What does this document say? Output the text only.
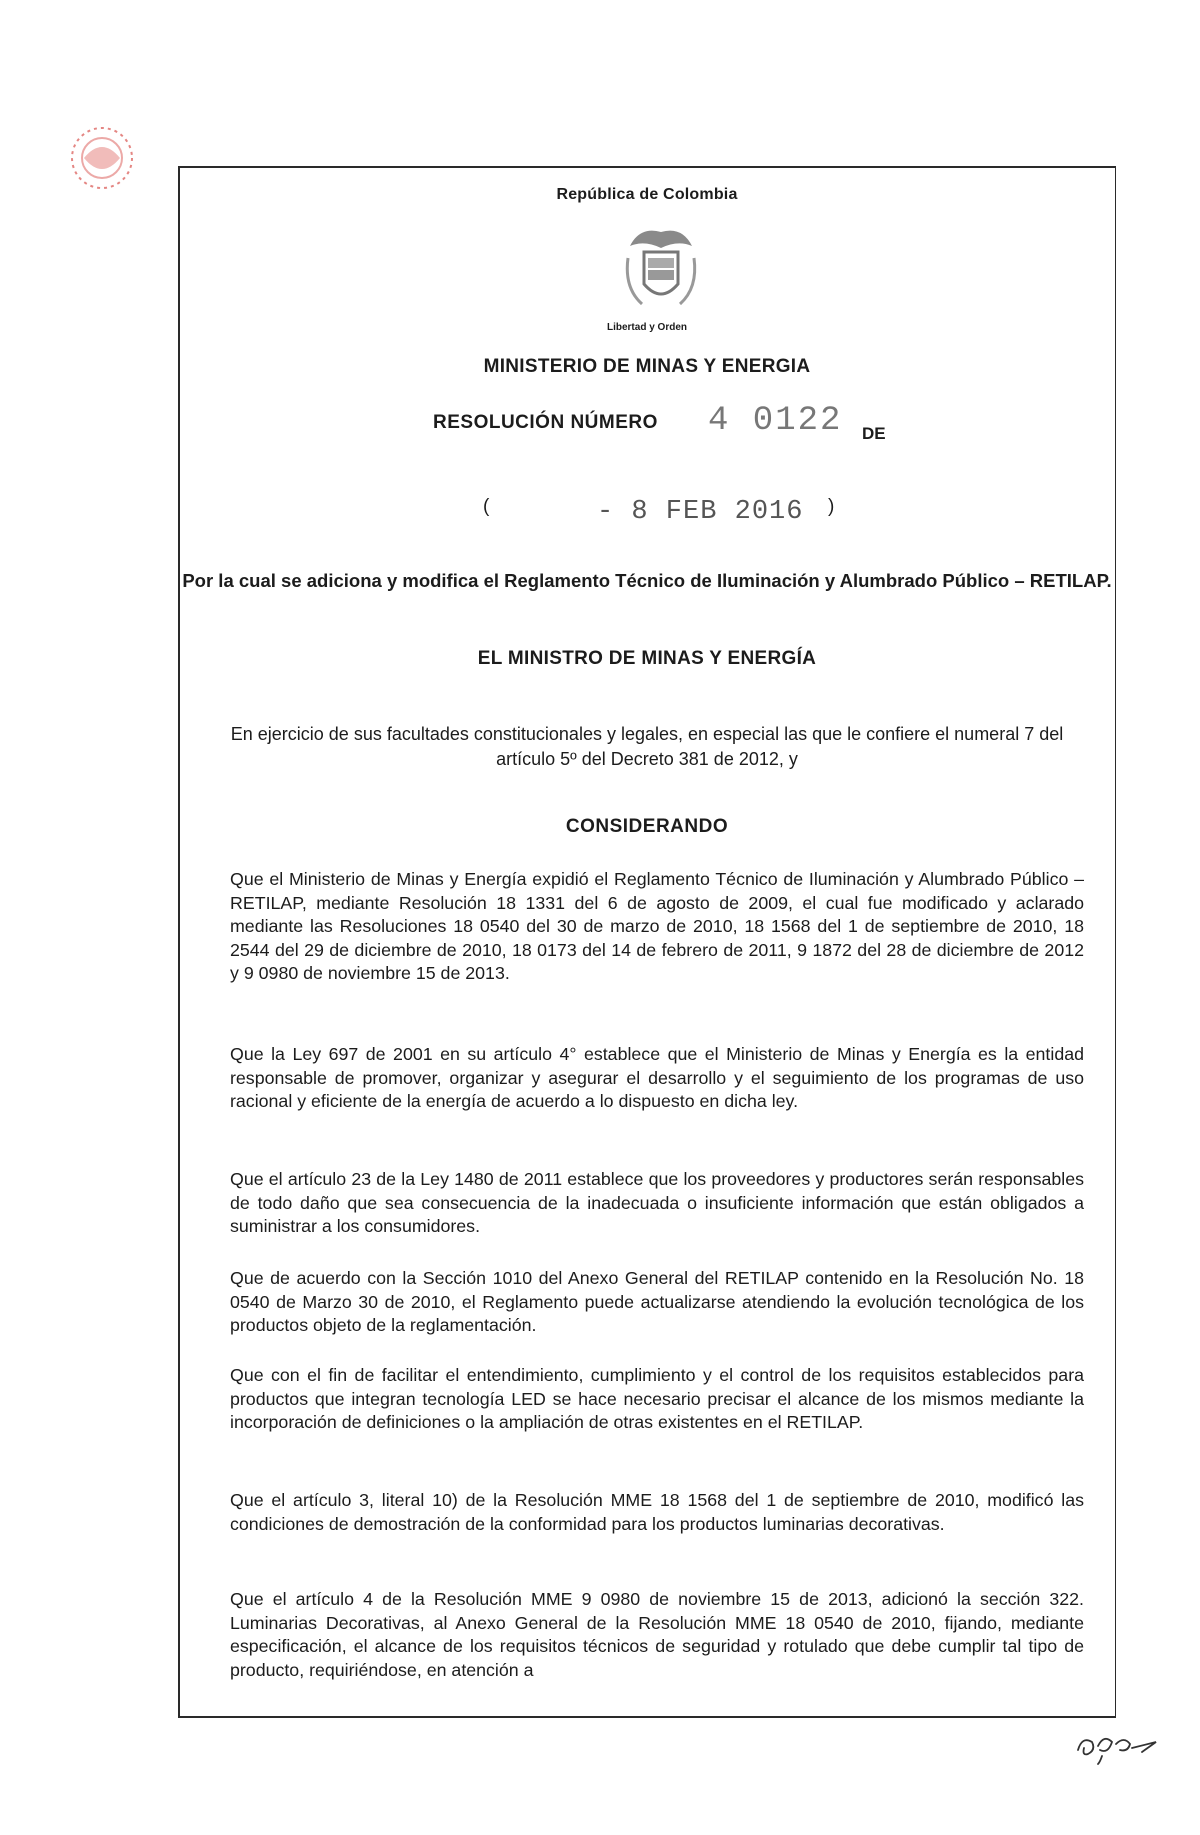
República de Colombia
Libertad y Orden
MINISTERIO DE MINAS Y ENERGIA
RESOLUCIÓN NÚMERO 4 0122 DE
(	- 8 FEB 2016 )
Por la cual se adiciona y modifica el Reglamento Técnico de Iluminación y Alumbrado Público – RETILAP.
EL MINISTRO DE MINAS Y ENERGÍA
En ejercicio de sus facultades constitucionales y legales, en especial las que le confiere el numeral 7 del artículo 5º del Decreto 381 de 2012, y
CONSIDERANDO
Que el Ministerio de Minas y Energía expidió el Reglamento Técnico de Iluminación y Alumbrado Público – RETILAP, mediante Resolución 18 1331 del 6 de agosto de 2009, el cual fue modificado y aclarado mediante las Resoluciones 18 0540 del 30 de marzo de 2010, 18 1568 del 1 de septiembre de 2010, 18 2544 del 29 de diciembre de 2010, 18 0173 del 14 de febrero de 2011, 9 1872 del 28 de diciembre de 2012 y 9 0980 de noviembre 15 de 2013.
Que la Ley 697 de 2001 en su artículo 4° establece que el Ministerio de Minas y Energía es la entidad responsable de promover, organizar y asegurar el desarrollo y el seguimiento de los programas de uso racional y eficiente de la energía de acuerdo a lo dispuesto en dicha ley.
Que el artículo 23 de la Ley 1480 de 2011 establece que los proveedores y productores serán responsables de todo daño que sea consecuencia de la inadecuada o insuficiente información que están obligados a suministrar a los consumidores.
Que de acuerdo con la Sección 1010 del Anexo General del RETILAP contenido en la Resolución No. 18 0540 de Marzo 30 de 2010, el Reglamento puede actualizarse atendiendo la evolución tecnológica de los productos objeto de la reglamentación.
Que con el fin de facilitar el entendimiento, cumplimiento y el control de los requisitos establecidos para productos que integran tecnología LED se hace necesario precisar el alcance de los mismos mediante la incorporación de definiciones o la ampliación de otras existentes en el RETILAP.
Que el artículo 3, literal 10) de la Resolución MME 18 1568 del 1 de septiembre de 2010, modificó las condiciones de demostración de la conformidad para los productos luminarias decorativas.
Que el artículo 4 de la Resolución MME 9 0980 de noviembre 15 de 2013, adicionó la sección 322. Luminarias Decorativas, al Anexo General de la Resolución MME 18 0540 de 2010, fijando, mediante especificación, el alcance de los requisitos técnicos de seguridad y rotulado que debe cumplir tal tipo de producto, requiriéndose, en atención a
